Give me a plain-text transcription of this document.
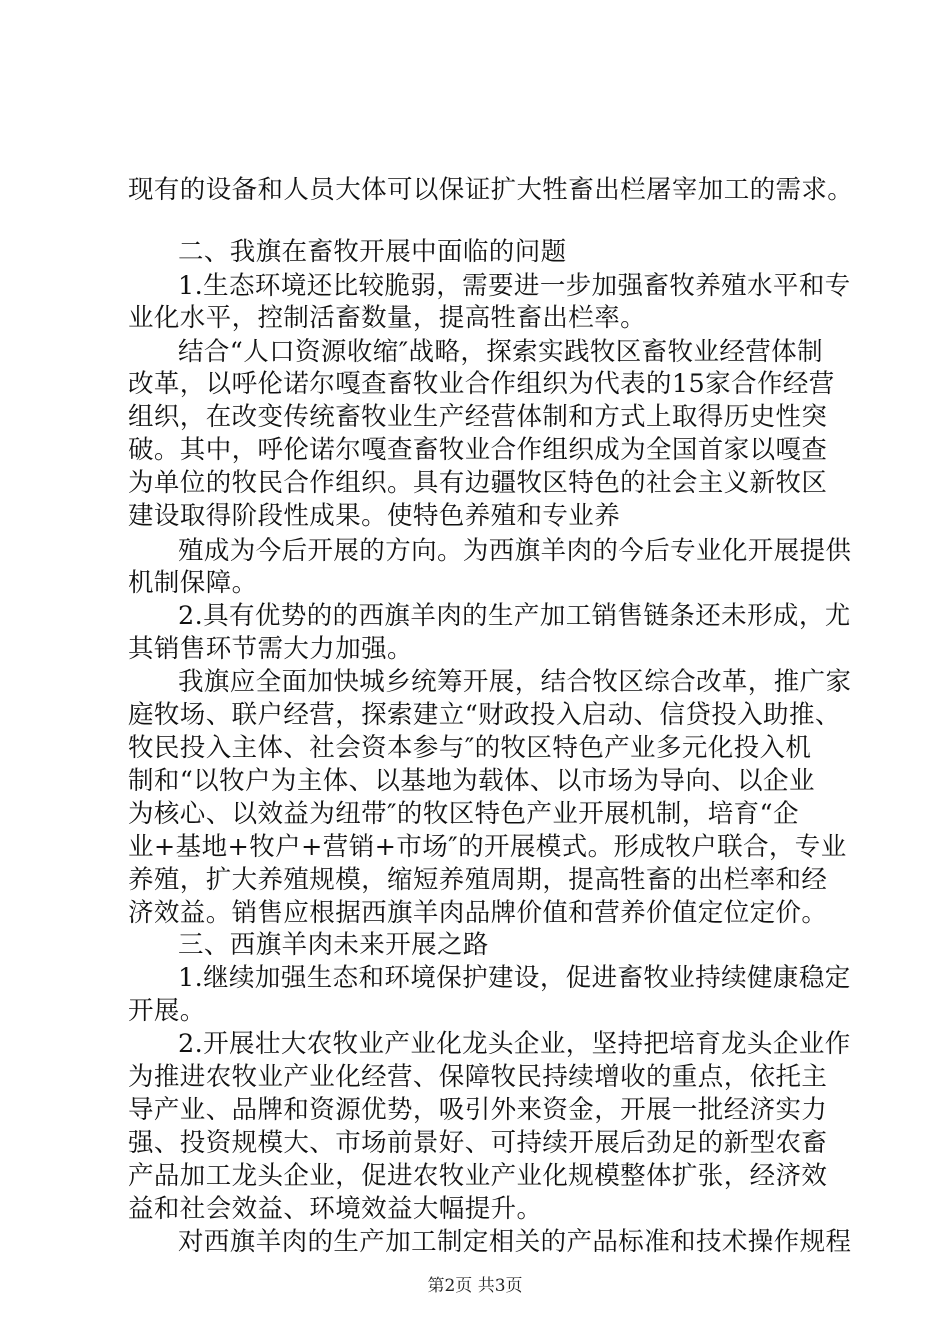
现有的设备和人员大体可以保证扩大牲畜出栏屠宰加工的需求。
二、我旗在畜牧开展中面临的问题
1.生态环境还比较脆弱，需要进一步加强畜牧养殖水平和专
业化水平，控制活畜数量，提高牲畜出栏率。
结合“人口资源收缩″战略，探索实践牧区畜牧业经营体制
改革，以呼伦诺尔嘎查畜牧业合作组织为代表的15家合作经营
组织，在改变传统畜牧业生产经营体制和方式上取得历史性突
破。其中，呼伦诺尔嘎查畜牧业合作组织成为全国首家以嘎查
为单位的牧民合作组织。具有边疆牧区特色的社会主义新牧区
建设取得阶段性成果。使特色养殖和专业养
殖成为今后开展的方向。为西旗羊肉的今后专业化开展提供
机制保障。
2.具有优势的的西旗羊肉的生产加工销售链条还未形成，尤
其销售环节需大力加强。
我旗应全面加快城乡统筹开展，结合牧区综合改革，推广家
庭牧场、联户经营，探索建立“财政投入启动、信贷投入助推、
牧民投入主体、社会资本参与″的牧区特色产业多元化投入机
制和“以牧户为主体、以基地为载体、以市场为导向、以企业
为核心、以效益为纽带″的牧区特色产业开展机制，培育“企
业+基地+牧户+营销+市场″的开展模式。形成牧户联合，专业
养殖，扩大养殖规模，缩短养殖周期，提高牲畜的出栏率和经
济效益。销售应根据西旗羊肉品牌价值和营养价值定位定价。
三、西旗羊肉未来开展之路
1.继续加强生态和环境保护建设，促进畜牧业持续健康稳定
开展。
2.开展壮大农牧业产业化龙头企业，坚持把培育龙头企业作
为推进农牧业产业化经营、保障牧民持续增收的重点，依托主
导产业、品牌和资源优势，吸引外来资金，开展一批经济实力
强、投资规模大、市场前景好、可持续开展后劲足的新型农畜
产品加工龙头企业，促进农牧业产业化规模整体扩张，经济效
益和社会效益、环境效益大幅提升。
对西旗羊肉的生产加工制定相关的产品标准和技术操作规程
第2页 共3页
